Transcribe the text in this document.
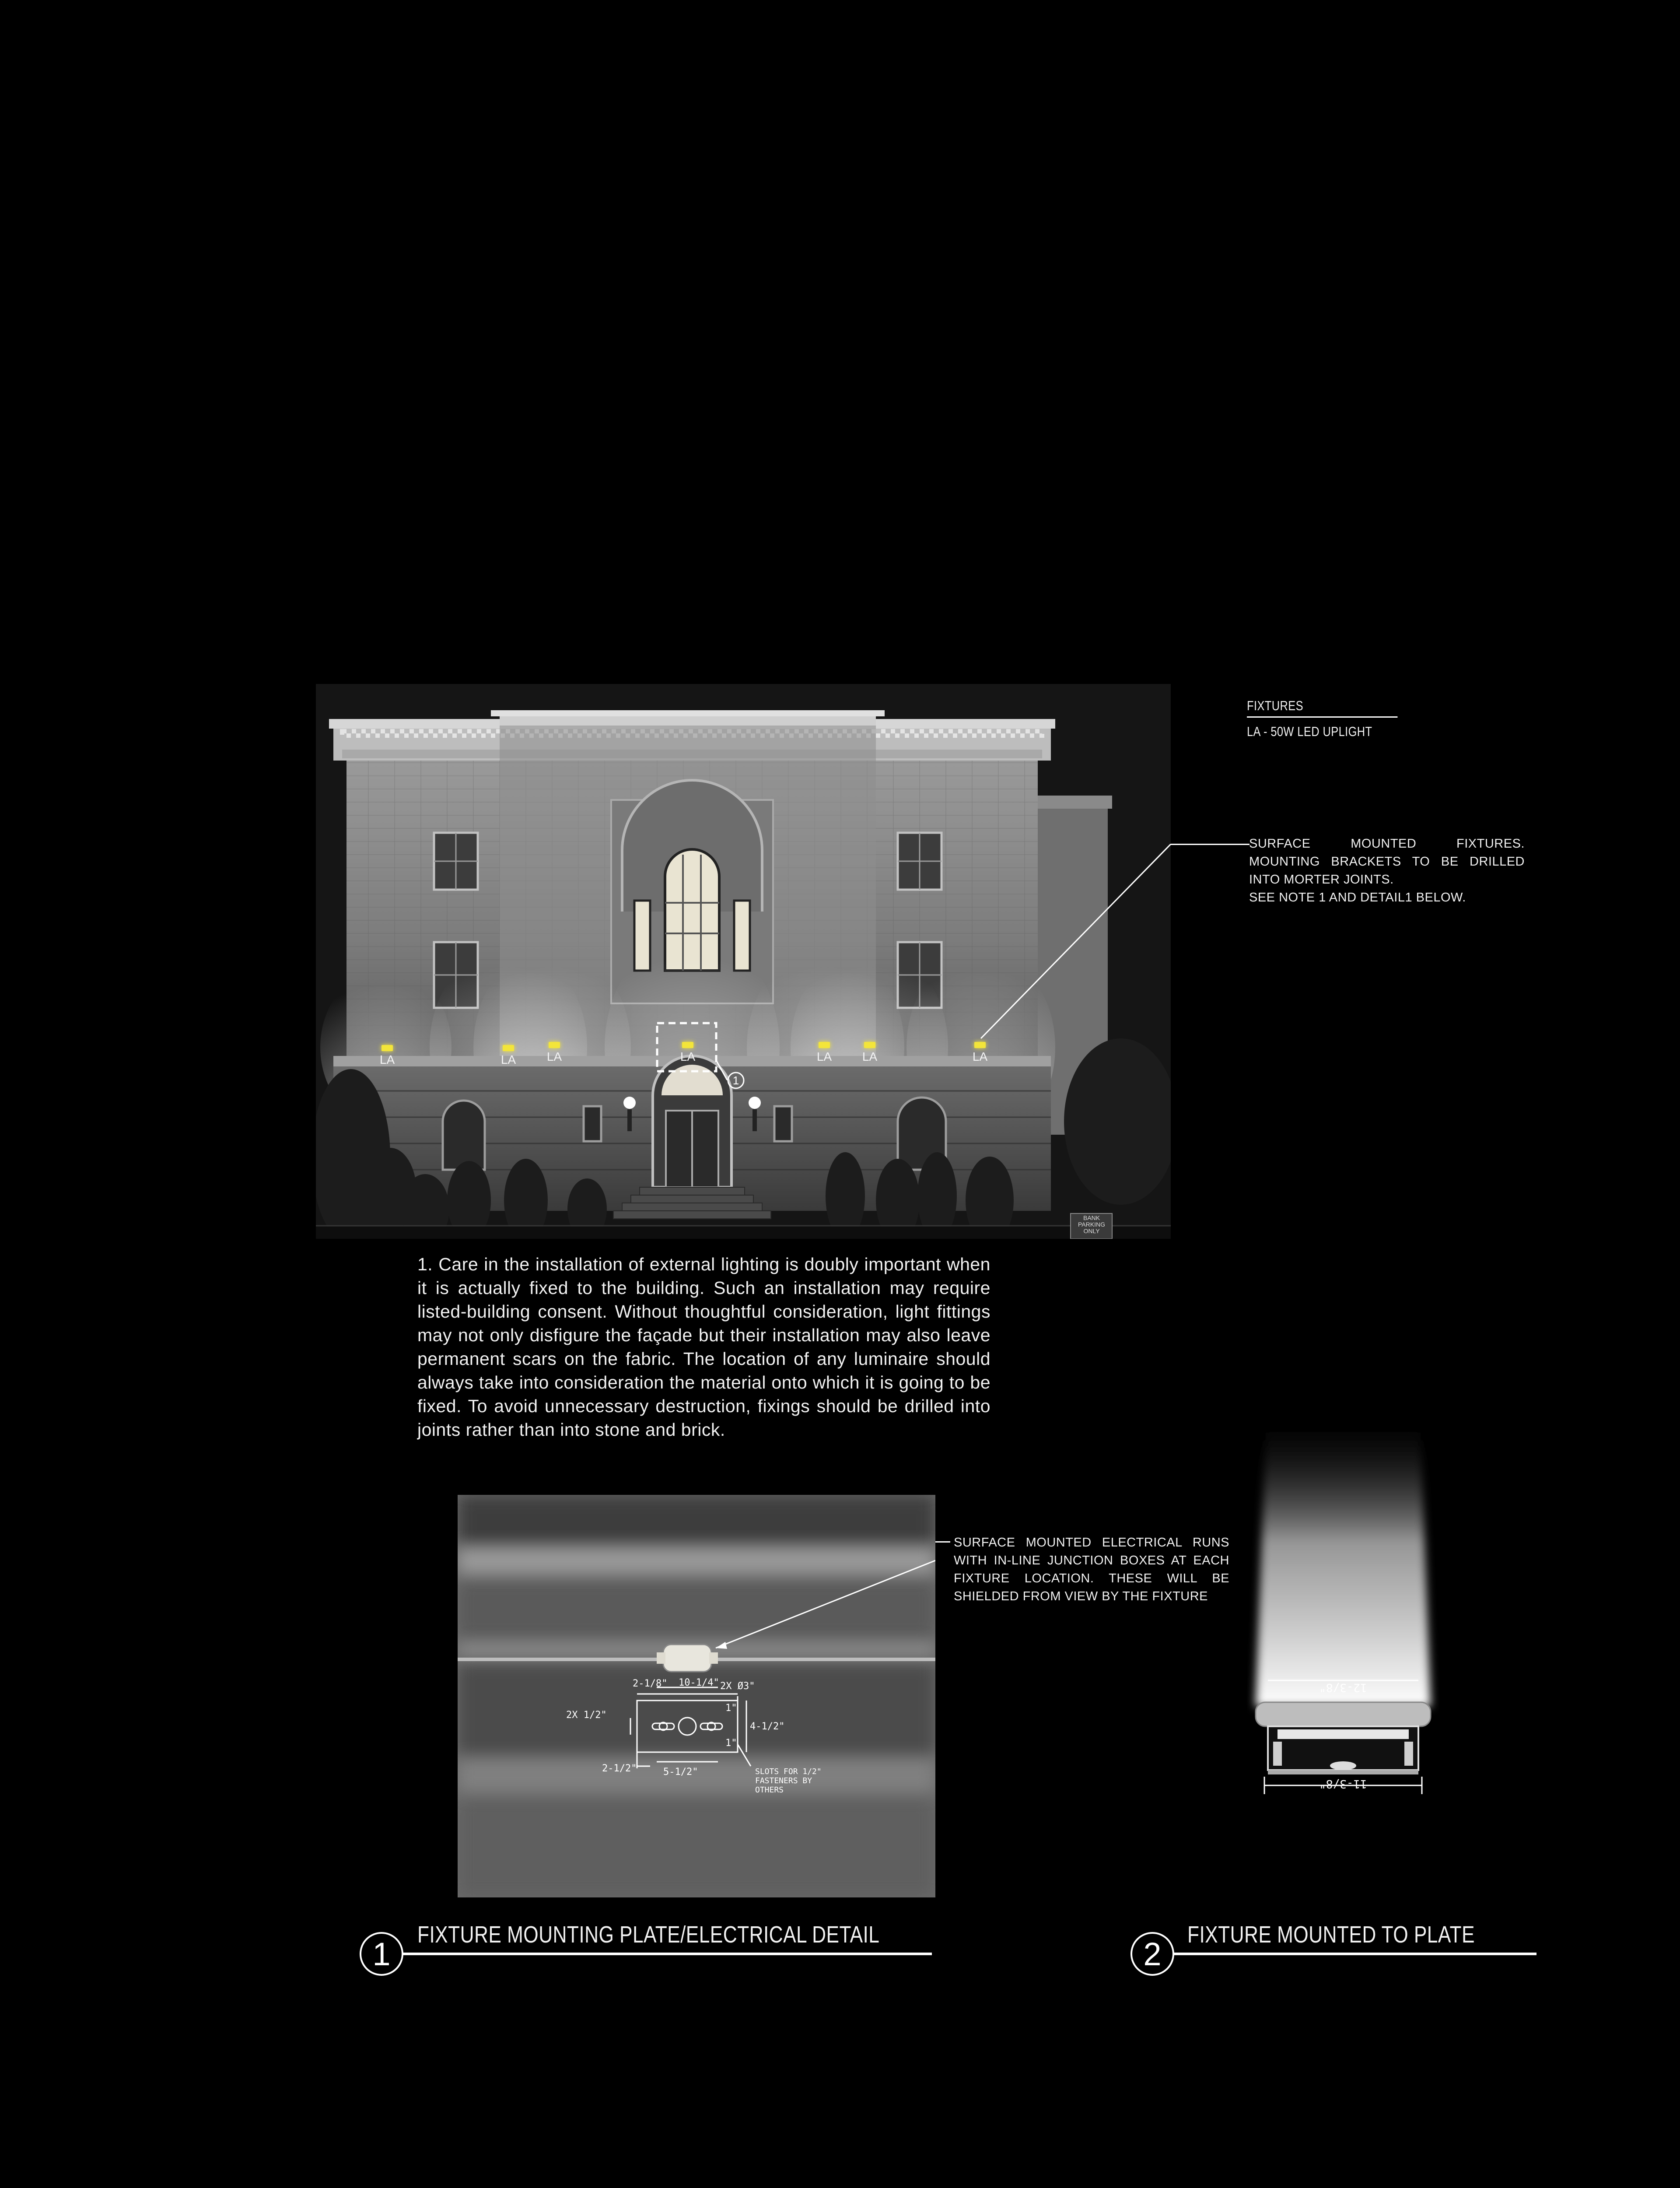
1
LA	LA	LA	LA	LA	LA	LA
BANK PARKING ONLY
FIXTURES
LA - 50W LED UPLIGHT
SURFACE MOUNTED FIXTURES. MOUNTING BRACKETS TO BE DRILLED INTO MORTER JOINTS.
SEE NOTE 1 AND DETAIL1 BELOW.
1. Care in the installation of external lighting is doubly important when it is actually fixed to the building. Such an installation may require listed-building consent. Without thoughtful consideration, light fittings may not only disfigure the façade but their installation may also leave permanent scars on the fabric. The location of any luminaire should always take into consideration the material onto which it is going to be fixed. To avoid unnecessary destruction, fixings should be drilled into joints rather than into stone and brick.
10-1/4"
2-1/8"	2X Ø3"
2X 1/2"
1"
1"
4-1/2"
2-1/2"	5-1/2"	SLOTS FOR 1/2" FASTENERS BY OTHERS
SURFACE MOUNTED ELECTRICAL RUNS WITH IN-LINE JUNCTION BOXES AT EACH FIXTURE LOCATION. THESE WILL BE SHIELDED FROM VIEW BY THE FIXTURE
12-3/8"
11-3/8"
1
FIXTURE MOUNTING PLATE/ELECTRICAL DETAIL
2
FIXTURE MOUNTED TO PLATE
